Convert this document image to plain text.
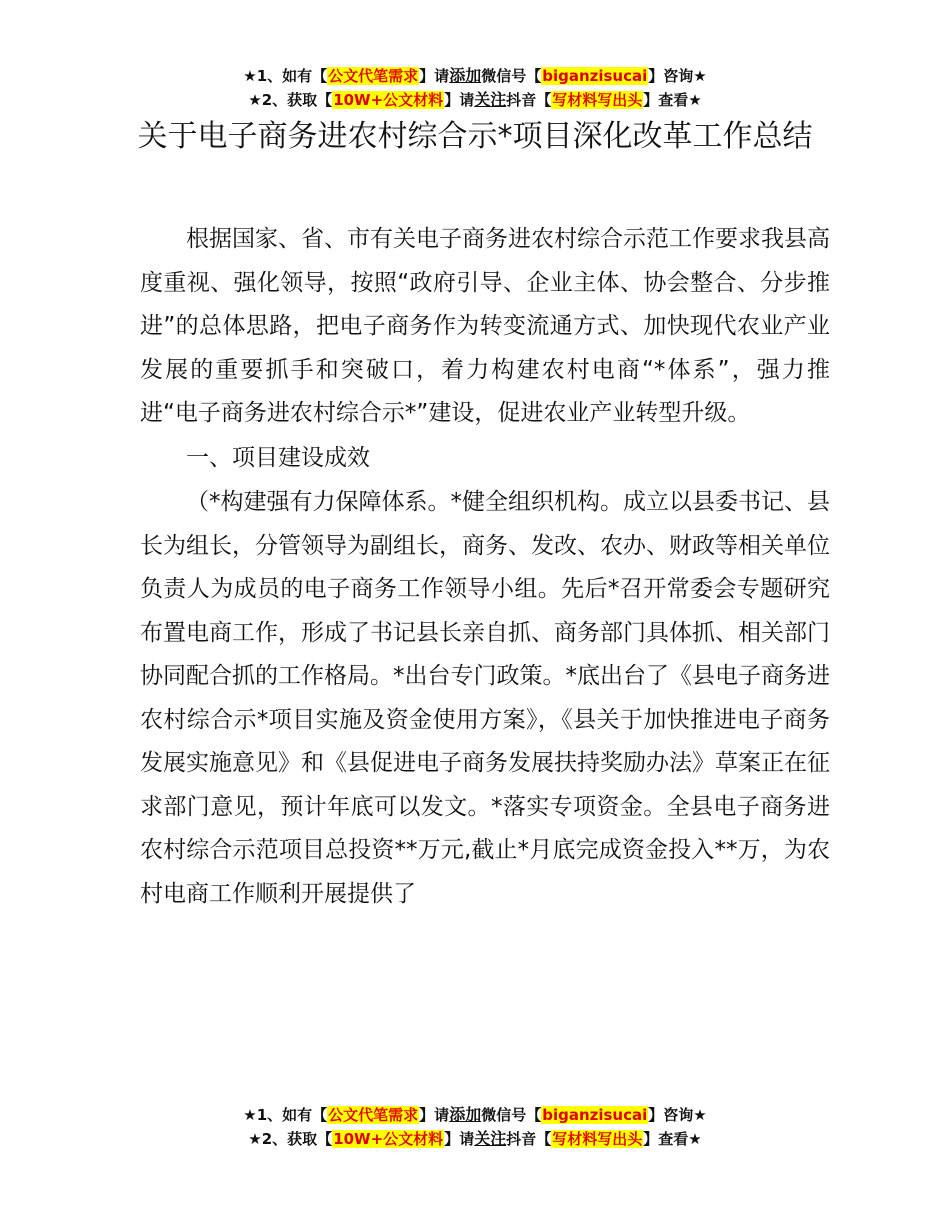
★1、如有【公文代笔需求】请添加微信号【biganzisucai】咨询★
★2、获取【10W+公文材料】请关注抖音【写材料写出头】查看★
关于电子商务进农村综合示*项目深化改革工作总结

根据国家、省、市有关电子商务进农村综合示范工作要求我县高度重视、强化领导，按照“政府引导、企业主体、协会整合、分步推进”的总体思路，把电子商务作为转变流通方式、加快现代农业产业发展的重要抓手和突破口，着力构建农村电商“*体系”，强力推进“电子商务进农村综合示*”建设，促进农业产业转型升级。

一、项目建设成效

（*构建强有力保障体系。*健全组织机构。成立以县委书记、县长为组长，分管领导为副组长，商务、发改、农办、财政等相关单位负责人为成员的电子商务工作领导小组。先后*召开常委会专题研究布置电商工作，形成了书记县长亲自抓、商务部门具体抓、相关部门协同配合抓的工作格局。*出台专门政策。*底出台了《县电子商务进农村综合示*项目实施及资金使用方案》，《县关于加快推进电子商务发展实施意见》和《县促进电子商务发展扶持奖励办法》草案正在征求部门意见，预计年底可以发文。*落实专项资金。全县电子商务进农村综合示范项目总投资**万元,截止*月底完成资金投入**万，为农村电商工作顺利开展提供了

★1、如有【公文代笔需求】请添加微信号【biganzisucai】咨询★
★2、获取【10W+公文材料】请关注抖音【写材料写出头】查看★
